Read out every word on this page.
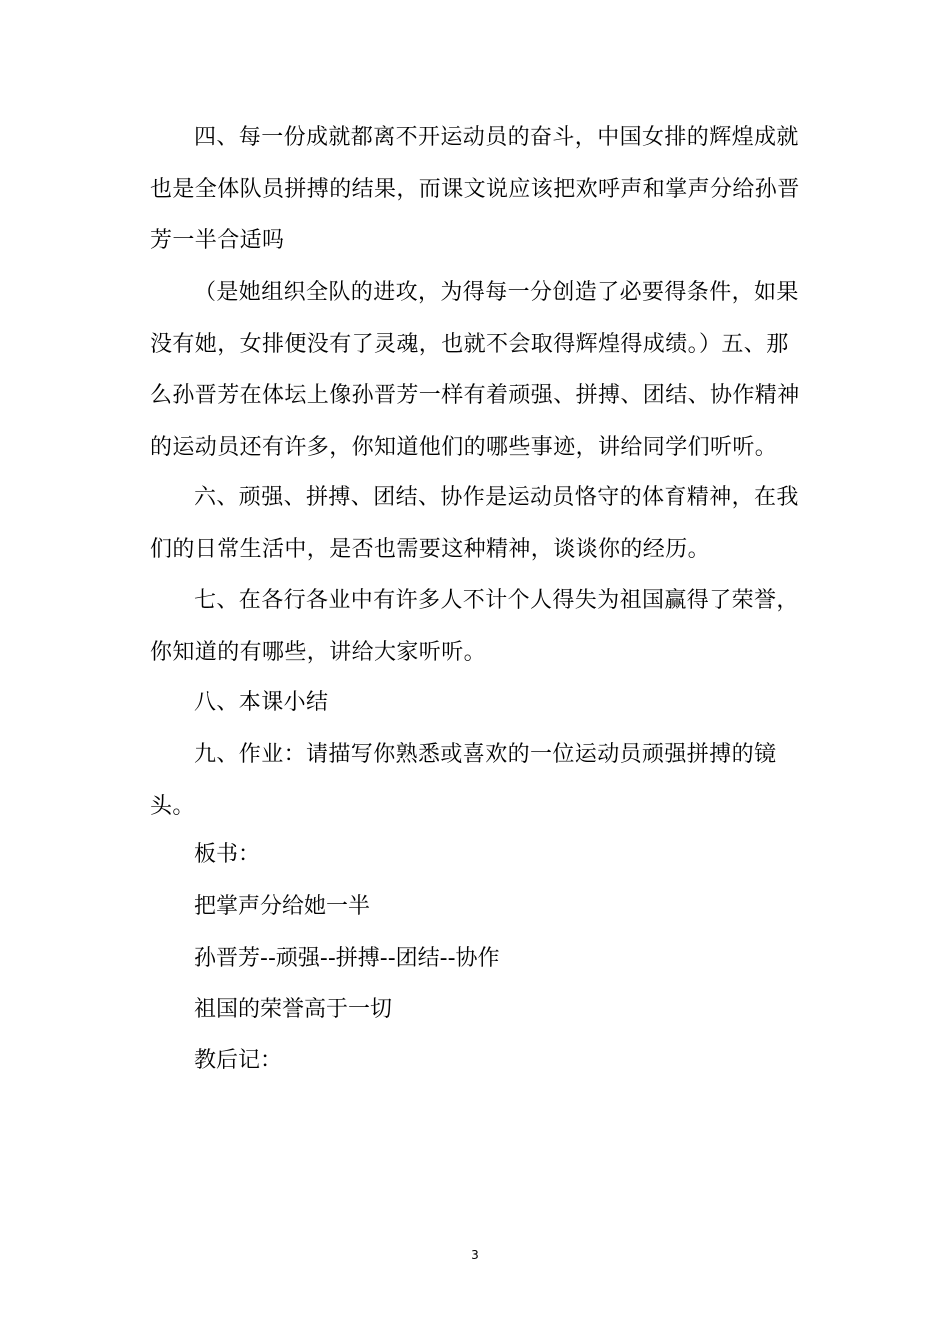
四、每一份成就都离不开运动员的奋斗，中国女排的辉煌成就也是全体队员拼搏的结果，而课文说应该把欢呼声和掌声分给孙晋芳一半合适吗

（是她组织全队的进攻，为得每一分创造了必要得条件，如果没有她，女排便没有了灵魂，也就不会取得辉煌得成绩。）五、那么孙晋芳在体坛上像孙晋芳一样有着顽强、拼搏、团结、协作精神的运动员还有许多，你知道他们的哪些事迹，讲给同学们听听。

六、顽强、拼搏、团结、协作是运动员恪守的体育精神，在我们的日常生活中，是否也需要这种精神，谈谈你的经历。

七、在各行各业中有许多人不计个人得失为祖国赢得了荣誉，你知道的有哪些，讲给大家听听。

八、本课小结

九、作业：请描写你熟悉或喜欢的一位运动员顽强拼搏的镜头。

板书：

把掌声分给她一半

孙晋芳--顽强--拼搏--团结--协作

祖国的荣誉高于一切

教后记：

3
